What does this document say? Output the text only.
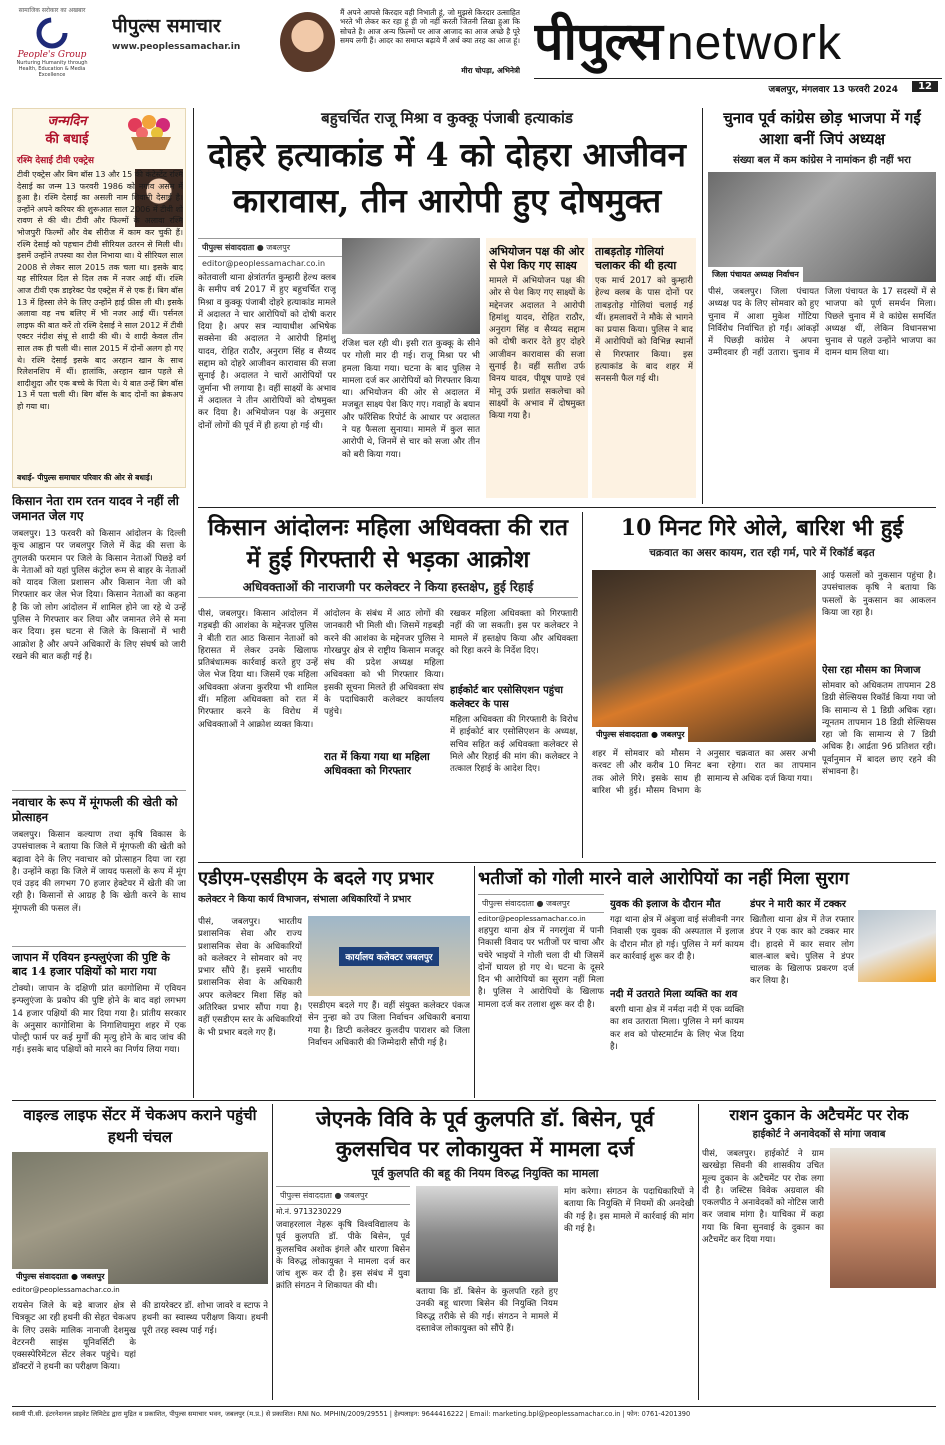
सामाजिक सरोकार का अखबार
People's Group
Nurturing Humanity through Health, Education & Media Excellence
पीपुल्स समाचार
www.peoplessamachar.in
मैं अपने आपसे किरदार वही निभाती हूं, जो मुझसे किरदार उत्साहित भरते भी लेकर कर रहा हूं ही जो नहीं करती जितनी लिखा हुआ कि सोचते है। आज अन्य फ़िल्मों पर आज आजाद का आज अच्छे है पूरे समय लगी हैं। आदर का समाप्त बढ़ाये मैं अर्थ क्या तरह का आज हूं।
मीरा चोपड़ा, अभिनेत्री पीपुल्स network
जबलपुर, मंगलवार 13 फरवरी 2024	12
जन्मदिन
की बधाई
रश्मि देसाई टीवी एक्ट्रेस
टीवी एक्ट्रेस और बिग बॉस 13 और 15 की कंटेस्टेंट रश्मि देसाई का जन्म 13 फरवरी 1986 को नगांव असम में हुआ है। रश्मि देसाई का असली नाम शिवानी देसाई है। उन्होंने अपने करियर की शुरूआत साल 2006 में टीवी शो रावण से की थी। टीवी और फिल्मों के अलावा रश्मि भोजपुरी फिल्मों और वेब सीरीज में काम कर चुकी हैं। रश्मि देसाई को पहचान टीवी सीरियल उतरन से मिली थी। इसमें उन्होंने तपस्या का रोल निभाया था। ये सीरियल साल 2008 से लेकर साल 2015 तक चला था। इसके बाद यह सीरियल दिल से दिल तक में नजर आई थीं। रश्मि आज टीवी एक डाइरेक्ट पेड एक्ट्रेस में से एक हैं। बिग बॉस 13 में हिस्सा लेने के लिए उन्होंने हाई फ़ीस ली थी। इसके अलावा वह नच बलिए में भी नजर आई थीं। पर्सनल लाइफ की बात करें तो रश्मि देसाई ने साल 2012 में टीवी एक्टर नंदीश संधू से शादी की थी। ये शादी केवल तीन साल तक ही चली थी। साल 2015 में दोनों अलग हो गए थे। रश्मि देसाई इसके बाद अरहान खान के साथ रिलेशनशिप में थीं। हालांकि, अरहान खान पहले से शादीशुदा और एक बच्चे के पिता थे। ये बात उन्हें बिग बॉस 13 में पता चली थी। बिग बॉस के बाद दोनों का ब्रेकअप हो गया था।
बधाई- पीपुल्स समाचार परिवार की ओर से बधाई।
किसान नेता राम रतन यादव ने नहीं ली जमानत जेल गए
जबलपुर। 13 फरवरी को किसान आंदोलन के दिल्ली कूच आह्वान पर जबलपुर जिले में केंद्र की सत्ता के तुगलकी फरमान पर जिले के किसान नेताओं पिछड़े वर्ग के नेताओं को यहां पुलिस कंट्रोल रूम से बाहर के नेताओं को यादव जिला प्रशासन और किसान नेता जी को गिरफ्तार कर जेल भेज दिया। किसान नेताओं का कहना है कि जो लोग आंदोलन में शामिल होने जा रहे थे उन्हें पुलिस ने गिरफ्तार कर लिया और जमानत लेने से मना कर दिया। इस घटना से जिले के किसानों में भारी आक्रोश है और अपने अधिकारों के लिए संघर्ष को जारी रखने की बात कही गई है।
नवाचार के रूप में मूंगफली की खेती को प्रोत्साहन
जबलपुर। किसान कल्याण तथा कृषि विकास के उपसंचालक ने बताया कि जिले में मूंगफली की खेती को बढ़ावा देने के लिए नवाचार को प्रोत्साहन दिया जा रहा है। उन्होंने कहा कि जिले में जायद फसलों के रूप में मूंग एवं उड़द की लगभग 70 हजार हेक्टेयर में खेती की जा रही है। किसानों से आग्रह है कि खेती करने के साथ मूंगफली की फसल लें।
जापान में एवियन इन्फ्लुएंजा की पुष्टि के बाद 14 हजार पक्षियों को मारा गया
टोक्यो। जापान के दक्षिणी प्रांत कागोशिमा में एवियन इन्फ्लुएंजा के प्रकोप की पुष्टि होने के बाद वहां लगभग 14 हजार पक्षियों की मार दिया गया है। प्रांतीय सरकार के अनुसार कागोशिमा के निगाशियामुरा शहर में एक पोल्ट्री फार्म पर कई मुर्गों की मृत्यु होने के बाद जांच की गई। इसके बाद पक्षियों को मारने का निर्णय लिया गया।
बहुचर्चित राजू मिश्रा व कुक्कू पंजाबी हत्याकांड
दोहरे हत्याकांड में 4 को दोहरा आजीवन कारावास, तीन आरोपी हुए दोषमुक्त
पीपुल्स संवाददाता ● जबलपुर
editor@peoplessamachar.co.in
कोतवाली थाना क्षेत्रांतर्गत कुम्हारी हेल्थ क्लब के समीप वर्ष 2017 में हुए बहुचर्चित राजू मिश्रा व कुक्कू पंजाबी दोहरे हत्याकांड मामले में अदालत ने चार आरोपियों को दोषी करार दिया है। अपर सत्र न्यायाधीश अभिषेक सक्सेना की अदालत ने आरोपी हिमांशु यादव, रोहित राठौर, अनुराग सिंह व सैय्यद सद्दाम को दोहरे आजीवन कारावास की सजा सुनाई है। अदालत ने चारों आरोपियों पर जुर्माना भी लगाया है। वहीं साक्ष्यों के अभाव में अदालत ने तीन आरोपियों को दोषमुक्त कर दिया है। अभियोजन पक्ष के अनुसार दोनों लोगों की पूर्व में ही हत्या हो गई थी।
रंजिश चल रही थी। इसी रात कुक्कू के सीने पर गोली मार दी गई। राजू मिश्रा पर भी हमला किया गया। घटना के बाद पुलिस ने मामला दर्ज कर आरोपियों को गिरफ्तार किया था। अभियोजन की ओर से अदालत में मजबूत साक्ष्य पेश किए गए। गवाहों के बयान और फॉरेंसिक रिपोर्ट के आधार पर अदालत ने यह फैसला सुनाया। मामले में कुल सात आरोपी थे, जिनमें से चार को सजा और तीन को बरी किया गया।
अभियोजन पक्ष की ओर से पेश किए गए साक्ष्य
मामले में अभियोजन पक्ष की ओर से पेश किए गए साक्ष्यों के मद्देनजर अदालत ने आरोपी हिमांशु यादव, रोहित राठौर, अनुराग सिंह व सैय्यद सद्दाम को दोषी करार देते हुए दोहरे आजीवन कारावास की सजा सुनाई है। वहीं सतीश उर्फ विनय यादव, पीयूष पाण्डे एवं मोनू उर्फ प्रशांत सकलेचा को साक्ष्यों के अभाव में दोषमुक्त किया गया है।
ताबड़तोड़ गोलियां चलाकर की थी हत्या
एक मार्च 2017 को कुम्हारी हेल्थ क्लब के पास दोनों पर ताबड़तोड़ गोलियां चलाई गई थीं। हमलावरों ने मौके से भागने का प्रयास किया। पुलिस ने बाद में आरोपियों को विभिन्न स्थानों से गिरफ्तार किया। इस हत्याकांड के बाद शहर में सनसनी फैल गई थी।
चुनाव पूर्व कांग्रेस छोड़ भाजपा में गईं आशा बनीं जिपं अध्यक्ष
संख्या बल में कम कांग्रेस ने नामांकन ही नहीं भरा
जिला पंचायत अध्यक्ष निर्वाचन
पीसं, जबलपुर। जिला पंचायत अध्यक्ष पद के लिए सोमवार को हुए चुनाव में आशा मुकेश गोंटिया निर्विरोध निर्वाचित हो गईं। आंकड़ों में पिछड़ी कांग्रेस ने अपना उम्मीदवार ही नहीं उतारा। चुनाव में जिला पंचायत के 17 सदस्यों में से भाजपा को पूर्ण समर्थन मिला। पिछले चुनाव में वे कांग्रेस समर्थित अध्यक्ष थीं, लेकिन विधानसभा चुनाव से पहले उन्होंने भाजपा का दामन थाम लिया था।
किसान आंदोलनः महिला अधिवक्ता की रात में हुई गिरफ्तारी से भड़का आक्रोश
अधिवक्ताओं की नाराजगी पर कलेक्टर ने किया हस्तक्षेप, हुई रिहाई
पीसं, जबलपुर। किसान आंदोलन में गड़बड़ी की आशंका के मद्देनजर पुलिस ने बीती रात आठ किसान नेताओं को हिरासत में लेकर उनके खिलाफ प्रतिबंधात्मक कार्रवाई करते हुए उन्हें जेल भेज दिया था। जिसमें एक महिला अधिवक्ता अंजना कुररिया भी शामिल थीं। महिला अधिवक्ता को रात में गिरफ्तार करने के विरोध में अधिवक्ताओं ने आक्रोश व्यक्त किया।
आंदोलन के संबंध में आठ लोगों की जानकारी भी मिली थी। जिसमें गड़बड़ी करने की आशंका के मद्देनजर पुलिस ने गोरखपुर क्षेत्र से राष्ट्रीय किसान मजदूर संघ की प्रदेश अध्यक्ष महिला अधिवक्ता को भी गिरफ्तार किया। इसकी सूचना मिलते ही अधिवक्ता संघ के पदाधिकारी कलेक्टर कार्यालय पहुंचे।
रात में किया गया था महिला अधिवक्ता को गिरफ्तार
रखकर महिला अधिवक्ता को गिरफ्तारी नहीं की जा सकती। इस पर कलेक्टर ने मामले में हस्तक्षेप किया और अधिवक्ता को रिहा करने के निर्देश दिए।
हाईकोर्ट बार एसोसिएशन पहुंचा कलेक्टर के पास
महिला अधिवक्ता की गिरफ्तारी के विरोध में हाईकोर्ट बार एसोसिएशन के अध्यक्ष, सचिव सहित कई अधिवक्ता कलेक्टर से मिले और रिहाई की मांग की। कलेक्टर ने तत्काल रिहाई के आदेश दिए।
10 मिनट गिरे ओले, बारिश भी हुई
चक्रवात का असर कायम, रात रही गर्म, पारे में रिकॉर्ड बढ़त
पीपुल्स संवाददाता ● जबलपुर
शहर में सोमवार को मौसम ने करवट ली और करीब 10 मिनट तक ओले गिरे। इसके साथ ही बारिश भी हुई। मौसम विभाग के अनुसार चक्रवात का असर अभी बना रहेगा। रात का तापमान सामान्य से अधिक दर्ज किया गया।
आई फसलों को नुकसान पहुंचा है। उपसंचालक कृषि ने बताया कि फसलों के नुकसान का आकलन किया जा रहा है।
ऐसा रहा मौसम का मिजाज
सोमवार को अधिकतम तापमान 28 डिग्री सेल्सियस रिकॉर्ड किया गया जो कि सामान्य से 1 डिग्री अधिक रहा। न्यूनतम तापमान 18 डिग्री सेल्सियस रहा जो कि सामान्य से 7 डिग्री अधिक है। आर्द्रता 96 प्रतिशत रही। पूर्वानुमान में बादल छाए रहने की संभावना है।
एडीएम-एसडीएम के बदले गए प्रभार
कलेक्टर ने किया कार्य विभाजन, संभाला अधिकारियों ने प्रभार
पीसं, जबलपुर। भारतीय प्रशासनिक सेवा और राज्य प्रशासनिक सेवा के अधिकारियों को कलेक्टर ने सोमवार को नए प्रभार सौंपे हैं। इसमें भारतीय प्रशासनिक सेवा के अधिकारी अपर कलेक्टर मिशा सिंह को अतिरिक्त प्रभार सौंपा गया है। वहीं एसडीएम स्तर के अधिकारियों के भी प्रभार बदले गए हैं।
कार्यालय कलेक्टर जबलपुर
एसडीएम बदले गए हैं। वहीं संयुक्त कलेक्टर पंकज सेन नुन्हा को उप जिला निर्वाचन अधिकारी बनाया गया है। डिप्टी कलेक्टर कुलदीप पाराशर को जिला निर्वाचन अधिकारी की जिम्मेदारी सौंपी गई है।
भतीजों को गोली मारने वाले आरोपियों का नहीं मिला सुराग
पीपुल्स संवाददाता ● जबलपुर
editor@peoplessamachar.co.in
शहपुरा थाना क्षेत्र में नगरगुंवा में पानी निकासी विवाद पर भतीजों पर चाचा और चचेरे भाइयों ने गोली चला दी थी जिसमें दोनों घायल हो गए थे। घटना के दूसरे दिन भी आरोपियों का सुराग नहीं मिला है। पुलिस ने आरोपियों के खिलाफ मामला दर्ज कर तलाश शुरू कर दी है।
युवक की इलाज के दौरान मौत
गढ़ा थाना क्षेत्र में अंबुजा वाई संजीवनी नगर निवासी एक युवक की अस्पताल में इलाज के दौरान मौत हो गई। पुलिस ने मर्ग कायम कर कार्रवाई शुरू कर दी है।
नदी में उतराते मिला व्यक्ति का शव
बरगी थाना क्षेत्र में नर्मदा नदी में एक व्यक्ति का शव उतराता मिला। पुलिस ने मर्ग कायम कर शव को पोस्टमार्टम के लिए भेज दिया है।
डंपर ने मारी कार में टक्कर
खितौला थाना क्षेत्र में तेज रफ्तार डंपर ने एक कार को टक्कर मार दी। हादसे में कार सवार लोग बाल-बाल बचे। पुलिस ने डंपर चालक के खिलाफ प्रकरण दर्ज कर लिया है।
वाइल्ड लाइफ सेंटर में चेकअप कराने पहुंची हथनी चंचल
पीपुल्स संवाददाता ● जबलपुर
editor@peoplessamachar.co.in
रायसेन जिले के बड़े बाजार क्षेत्र से चित्रकूट आ रही हथनी की सेहत चेकअप के लिए उसके मालिक नानाजी देशमुख वेटरनरी साइंस यूनिवर्सिटी के एक्सस्पेरिमेंटल सेंटर लेकर पहुंचे। यहां डॉक्टरों ने हथनी का परीक्षण किया।
की डायरेक्टर डॉ. शोभा जावरे व स्टाफ ने हथनी का स्वास्थ्य परीक्षण किया। हथनी पूरी तरह स्वस्थ पाई गई।
जेएनके विवि के पूर्व कुलपति डॉ. बिसेन, पूर्व कुलसचिव पर लोकायुक्त में मामला दर्ज
पूर्व कुलपति की बहू की नियम विरुद्ध नियुक्ति का मामला
पीपुल्स संवाददाता ● जबलपुर
मो.नं. 9713230229
जवाहरलाल नेहरू कृषि विश्वविद्यालय के पूर्व कुलपति डॉ. पीके बिसेन, पूर्व कुलसचिव अशोक इंगले और धारणा बिसेन के विरुद्ध लोकायुक्त ने मामला दर्ज कर जांच शुरू कर दी है। इस संबंध में युवा क्रांति संगठन ने शिकायत की थी।
बताया कि डॉ. बिसेन के कुलपति रहते हुए उनकी बहू धारणा बिसेन की नियुक्ति नियम विरुद्ध तरीके से की गई। संगठन ने मामले में दस्तावेज लोकायुक्त को सौंपे हैं।
मांग करेगा। संगठन के पदाधिकारियों ने बताया कि नियुक्ति में नियमों की अनदेखी की गई है। इस मामले में कार्रवाई की मांग की गई है।
राशन दुकान के अटैचमेंट पर रोक
हाईकोर्ट ने अनावेदकों से मांगा जवाब
पीसं, जबलपुर। हाईकोर्ट ने ग्राम खरखेड़ा सिवनी की शासकीय उचित मूल्य दुकान के अटैचमेंट पर रोक लगा दी है। जस्टिस विवेक अग्रवाल की एकलपीठ ने अनावेदकों को नोटिस जारी कर जवाब मांगा है। याचिका में कहा गया कि बिना सुनवाई के दुकान का अटैचमेंट कर दिया गया।
स्वामी पी.सी. इंटरनेशनल प्राइवेट लिमिटेड द्वारा मुद्रित व प्रकाशित, पीपुल्स समाचार भवन, जबलपुर (म.प्र.) से प्रकाशित। RNI No. MPHIN/2009/29551 | हेल्पलाइन: 9644416222 | Email: marketing.bpl@peoplessamachar.co.in | फोन: 0761-4201390
